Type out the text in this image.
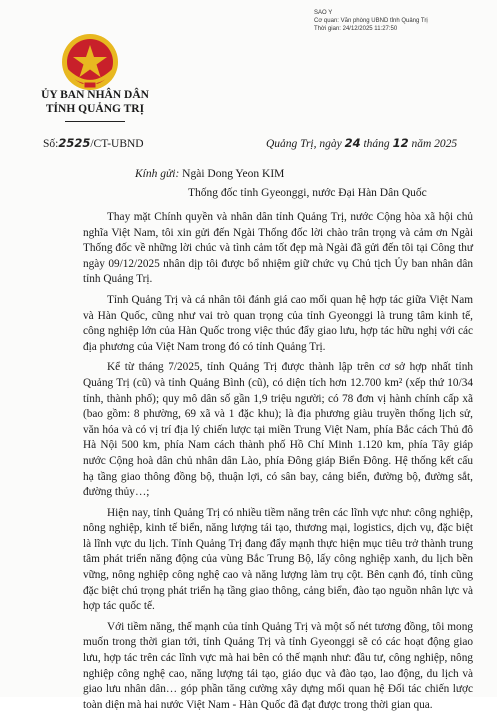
SAO Y
Cơ quan: Văn phòng UBND tỉnh Quảng Trị
Thời gian: 24/12/2025 11:27:50
ỦY BAN NHÂN DÂN
TỈNH QUẢNG TRỊ
Số:2525/CT-UBND	Quảng Trị, ngày 24 tháng 12 năm 2025
Kính gửi: Ngài Dong Yeon KIM
Thống đốc tỉnh Gyeonggi, nước Đại Hàn Dân Quốc

Thay mặt Chính quyền và nhân dân tỉnh Quảng Trị, nước Cộng hòa xã hội chủ nghĩa Việt Nam, tôi xin gửi đến Ngài Thống đốc lời chào trân trọng và cảm ơn Ngài Thống đốc về những lời chúc và tình cảm tốt đẹp mà Ngài đã gửi đến tôi tại Công thư ngày 09/12/2025 nhân dịp tôi được bổ nhiệm giữ chức vụ Chủ tịch Ủy ban nhân dân tỉnh Quảng Trị.

Tỉnh Quảng Trị và cá nhân tôi đánh giá cao mối quan hệ hợp tác giữa Việt Nam và Hàn Quốc, cũng như vai trò quan trọng của tỉnh Gyeonggi là trung tâm kinh tế, công nghiệp lớn của Hàn Quốc trong việc thúc đẩy giao lưu, hợp tác hữu nghị với các địa phương của Việt Nam trong đó có tỉnh Quảng Trị.

Kể từ tháng 7/2025, tỉnh Quảng Trị được thành lập trên cơ sở hợp nhất tỉnh Quảng Trị (cũ) và tỉnh Quảng Bình (cũ), có diện tích hơn 12.700 km² (xếp thứ 10/34 tỉnh, thành phố); quy mô dân số gần 1,9 triệu người; có 78 đơn vị hành chính cấp xã (bao gồm: 8 phường, 69 xã và 1 đặc khu); là địa phương giàu truyền thống lịch sử, văn hóa và có vị trí địa lý chiến lược tại miền Trung Việt Nam, phía Bắc cách Thủ đô Hà Nội 500 km, phía Nam cách thành phố Hồ Chí Minh 1.120 km, phía Tây giáp nước Cộng hoà dân chủ nhân dân Lào, phía Đông giáp Biển Đông. Hệ thống kết cấu hạ tầng giao thông đồng bộ, thuận lợi, có sân bay, cảng biển, đường bộ, đường sắt, đường thủy…;

Hiện nay, tỉnh Quảng Trị có nhiều tiềm năng trên các lĩnh vực như: công nghiệp, nông nghiệp, kinh tế biển, năng lượng tái tạo, thương mại, logistics, dịch vụ, đặc biệt là lĩnh vực du lịch. Tỉnh Quảng Trị đang đẩy mạnh thực hiện mục tiêu trở thành trung tâm phát triển năng động của vùng Bắc Trung Bộ, lấy công nghiệp xanh, du lịch bền vững, nông nghiệp công nghệ cao và năng lượng làm trụ cột. Bên cạnh đó, tỉnh cũng đặc biệt chú trọng phát triển hạ tầng giao thông, cảng biển, đào tạo nguồn nhân lực và hợp tác quốc tế.

Với tiềm năng, thế mạnh của tỉnh Quảng Trị và một số nét tương đồng, tôi mong muốn trong thời gian tới, tỉnh Quảng Trị và tỉnh Gyeonggi sẽ có các hoạt động giao lưu, hợp tác trên các lĩnh vực mà hai bên có thế mạnh như: đầu tư, công nghiệp, nông nghiệp công nghệ cao, năng lượng tái tạo, giáo dục và đào tạo, lao động, du lịch và giao lưu nhân dân… góp phần tăng cường xây dựng mối quan hệ Đối tác chiến lược toàn diện mà hai nước Việt Nam - Hàn Quốc đã đạt được trong thời gian qua.
